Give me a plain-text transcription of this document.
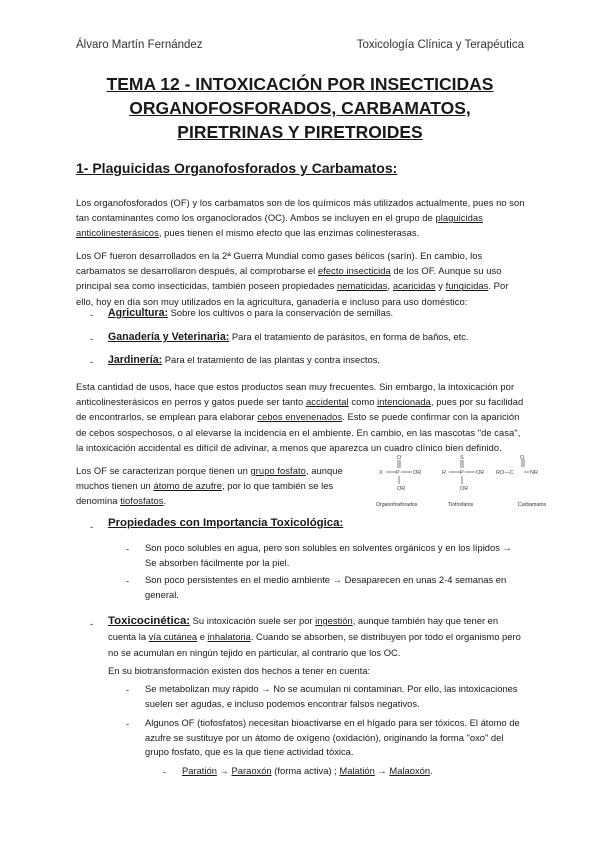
Álvaro Martín Fernández	Toxicología Clínica y Terapéutica
TEMA 12 - INTOXICACIÓN POR INSECTICIDAS
ORGANOFOSFORADOS, CARBAMATOS,
PIRETRINAS Y PIRETROIDES
1- Plaguicidas Organofosforados y Carbamatos:
Los organofosforados (OF) y los carbamatos son de los químicos más utilizados actualmente, pues no son tan contaminantes como los organoclorados (OC). Ambos se incluyen en el grupo de plaguicidas anticolinesterásicos, pues tienen el mismo efecto que las enzimas colinesterasas.
Los OF fueron desarrollados en la 2ª Guerra Mundial como gases bélicos (sarín). En cambio, los carbamatos se desarrollaron después, al comprobarse el efecto insecticida de los OF. Aunque su uso principal sea como insecticidas, también poseen propiedades nematicidas, acaricidas y fungicidas. Por ello, hoy en día son muy utilizados en la agricultura, ganadería e incluso para uso doméstico:
- Agricultura: Sobre los cultivos o para la conservación de semillas.
- Ganadería y Veterinaria: Para el tratamiento de parásitos, en forma de baños, etc.
- Jardinería: Para el tratamiento de las plantas y contra insectos.
Esta cantidad de usos, hace que estos productos sean muy frecuentes. Sin embargo, la intoxicación por anticolinesterásicos en perros y gatos puede ser tanto accidental como intencionada, pues por su facilidad de encontrarlos, se emplean para elaborar cebos envenenados. Esto se puede confirmar con la aparición de cebos sospechosos, o al elevarse la incidencia en el ambiente. En cambio, en las mascotas "de casa", la intoxicación accidental es difícil de adivinar, a menos que aparezca un cuadro clínico bien definido.
Los OF se caracterizan porque tienen un grupo fosfato, aunque muchos tienen un átomo de azufre, por lo que también se les denomina tiofosfatos.
X P
O
OR
OR
R	P
S
OR
OR
RO—C
O
NR
Organofosforados	Tiofosfatos	Carbamatos
- Propiedades con Importancia Toxicológica:
- Son poco solubles en agua, pero son solubles en solventes orgánicos y en los lípidos → Se absorben fácilmente por la piel.
- Son poco persistentes en el medio ambiente → Desaparecen en unas 2-4 semanas en general.
- Toxicocinética: Su intoxicación suele ser por ingestión, aunque también hay que tener en cuenta la vía cutánea e inhalatoria. Cuando se absorben, se distribuyen por todo el organismo pero no se acumulan en ningún tejido en particular, al contrario que los OC.
En su biotransformación existen dos hechos a tener en cuenta:
- Se metabolizan muy rápido → No se acumulan ni contaminan. Por ello, las intoxicaciones suelen ser agudas, e incluso podemos encontrar falsos negativos.
- Algunos OF (tiofosfatos) necesitan bioactivarse en el hígado para ser tóxicos. El átomo de azufre se sustituye por un átomo de oxígeno (oxidación), originando la forma "oxo" del grupo fosfato, que es la que tiene actividad tóxica.
- Paratión → Paraoxón (forma activa) ; Malatión → Malaoxón.
